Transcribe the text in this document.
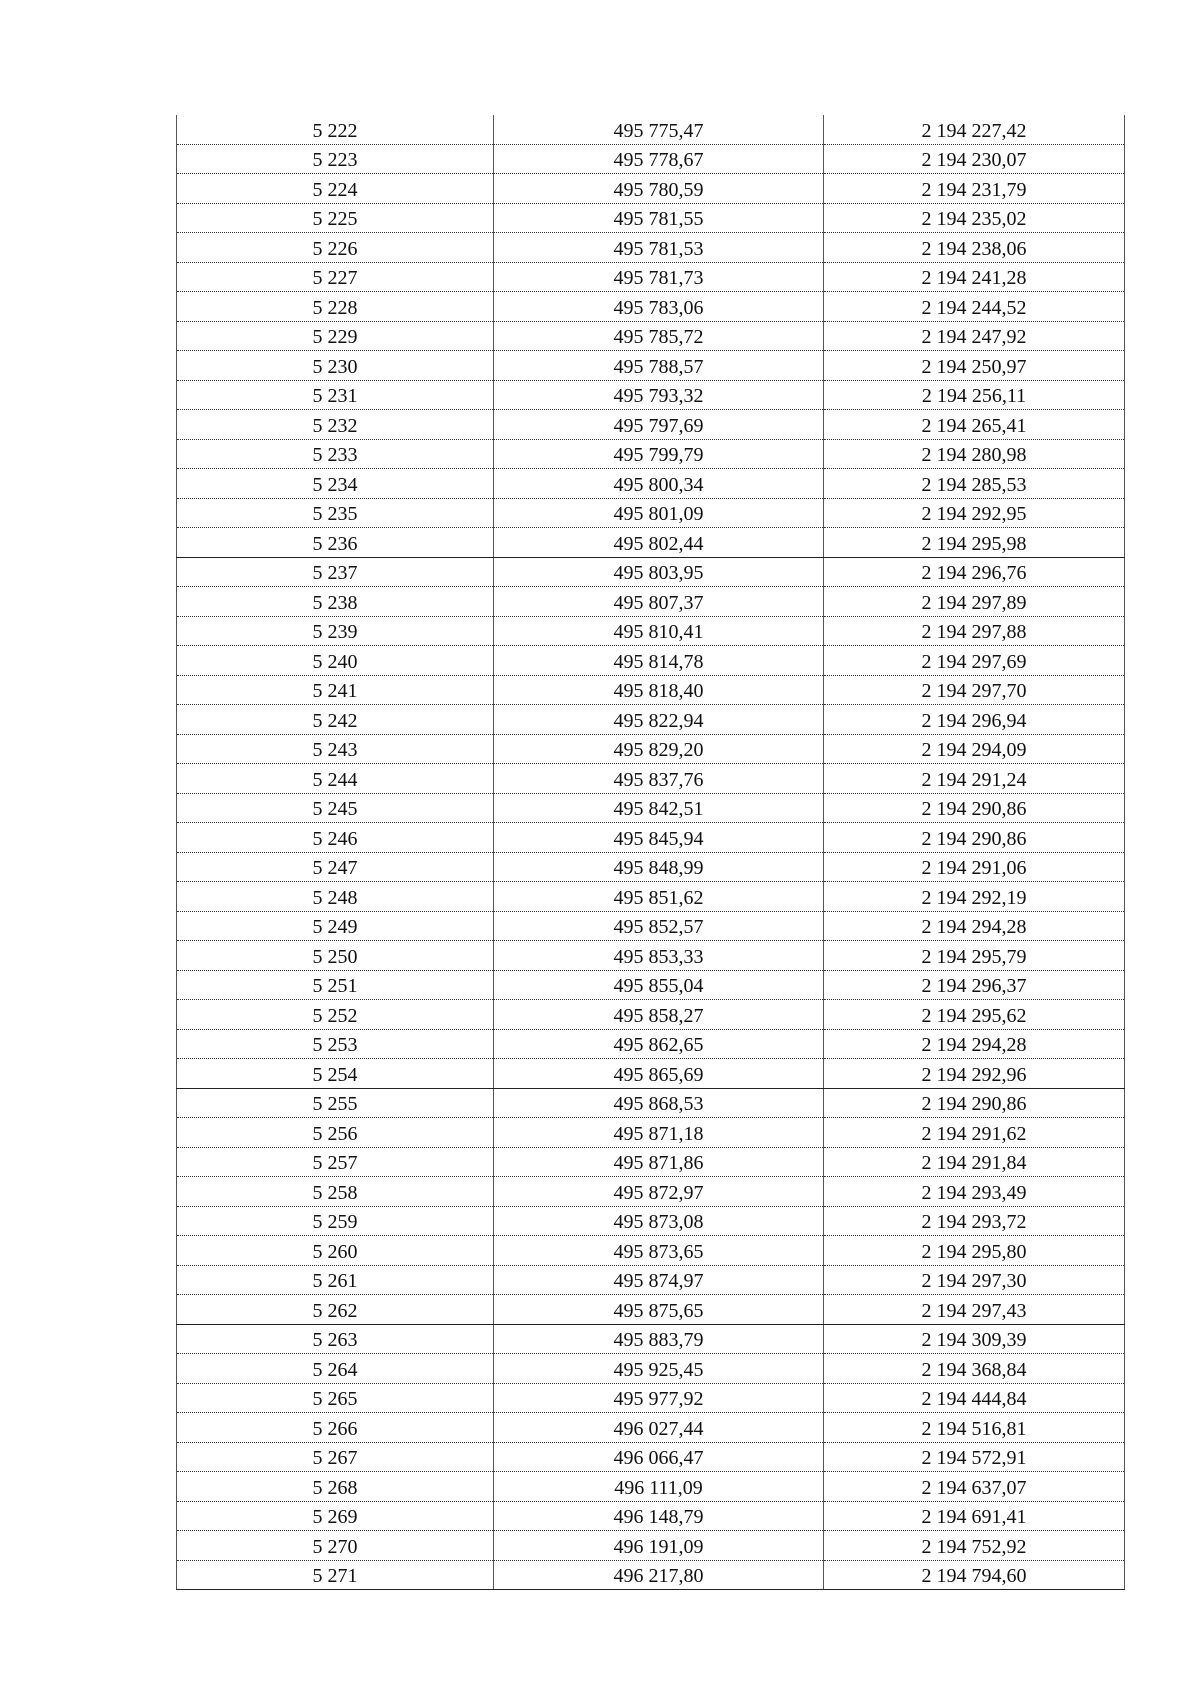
5 222	495 775,47	2 194 227,42
5 223	495 778,67	2 194 230,07
5 224	495 780,59	2 194 231,79
5 225	495 781,55	2 194 235,02
5 226	495 781,53	2 194 238,06
5 227	495 781,73	2 194 241,28
5 228	495 783,06	2 194 244,52
5 229	495 785,72	2 194 247,92
5 230	495 788,57	2 194 250,97
5 231	495 793,32	2 194 256,11
5 232	495 797,69	2 194 265,41
5 233	495 799,79	2 194 280,98
5 234	495 800,34	2 194 285,53
5 235	495 801,09	2 194 292,95
5 236	495 802,44	2 194 295,98
5 237	495 803,95	2 194 296,76
5 238	495 807,37	2 194 297,89
5 239	495 810,41	2 194 297,88
5 240	495 814,78	2 194 297,69
5 241	495 818,40	2 194 297,70
5 242	495 822,94	2 194 296,94
5 243	495 829,20	2 194 294,09
5 244	495 837,76	2 194 291,24
5 245	495 842,51	2 194 290,86
5 246	495 845,94	2 194 290,86
5 247	495 848,99	2 194 291,06
5 248	495 851,62	2 194 292,19
5 249	495 852,57	2 194 294,28
5 250	495 853,33	2 194 295,79
5 251	495 855,04	2 194 296,37
5 252	495 858,27	2 194 295,62
5 253	495 862,65	2 194 294,28
5 254	495 865,69	2 194 292,96
5 255	495 868,53	2 194 290,86
5 256	495 871,18	2 194 291,62
5 257	495 871,86	2 194 291,84
5 258	495 872,97	2 194 293,49
5 259	495 873,08	2 194 293,72
5 260	495 873,65	2 194 295,80
5 261	495 874,97	2 194 297,30
5 262	495 875,65	2 194 297,43
5 263	495 883,79	2 194 309,39
5 264	495 925,45	2 194 368,84
5 265	495 977,92	2 194 444,84
5 266	496 027,44	2 194 516,81
5 267	496 066,47	2 194 572,91
5 268	496 111,09	2 194 637,07
5 269	496 148,79	2 194 691,41
5 270	496 191,09	2 194 752,92
5 271	496 217,80	2 194 794,60
